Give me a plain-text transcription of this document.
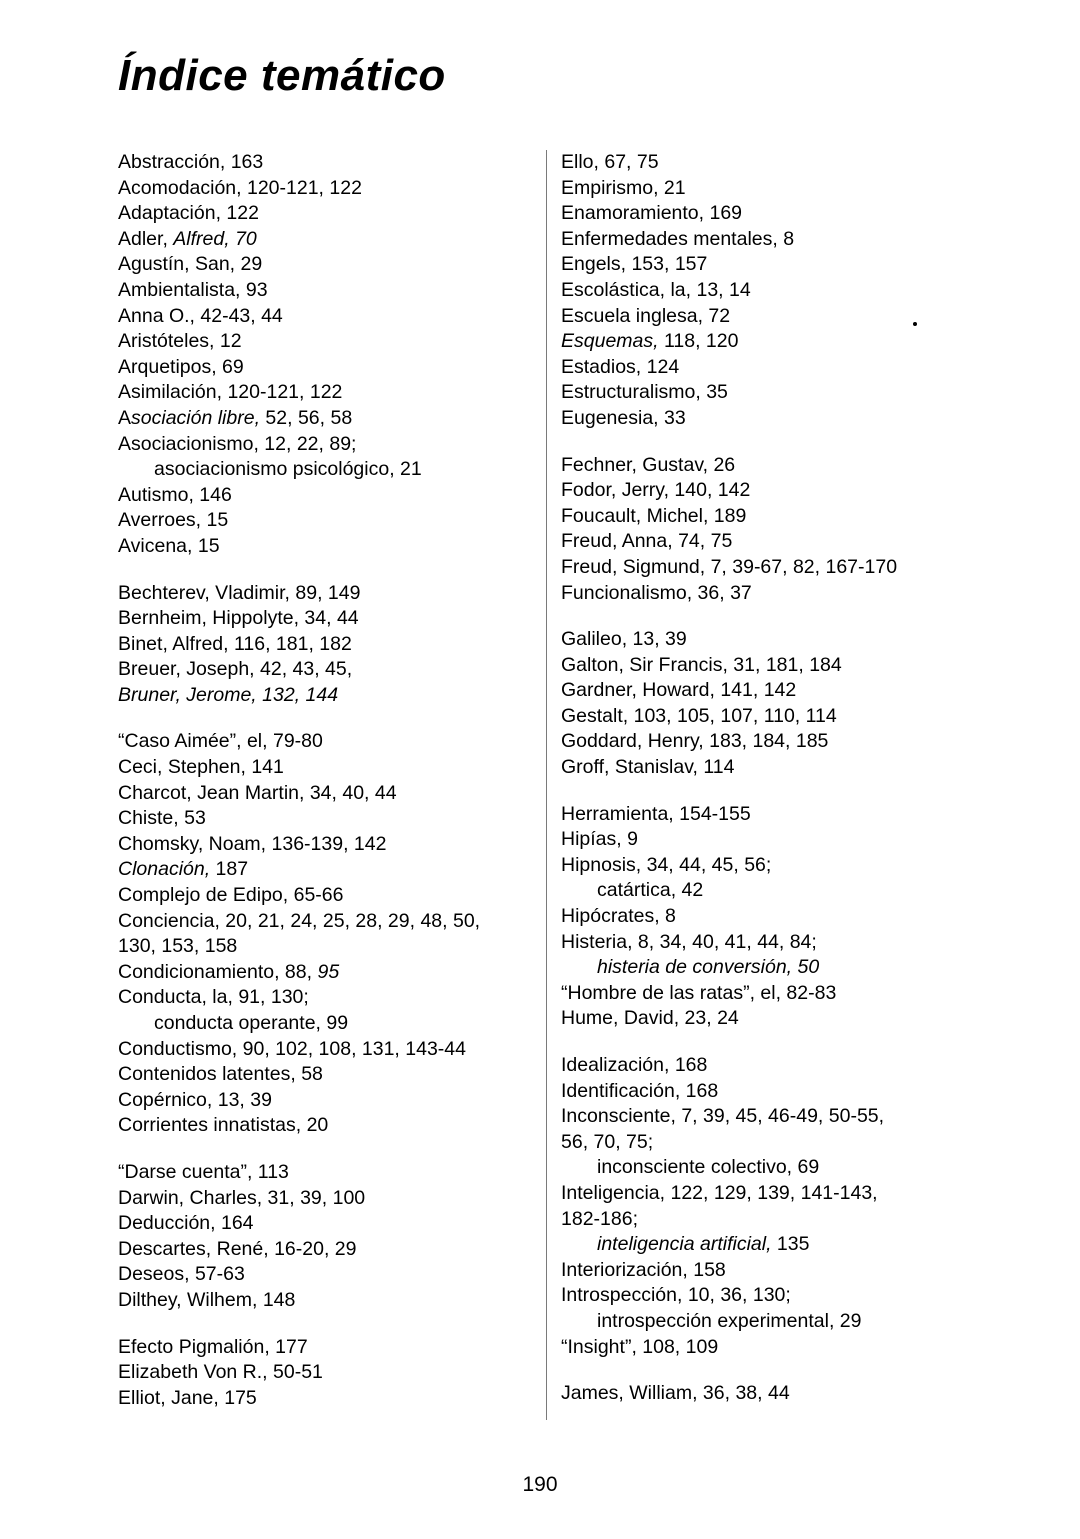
Índice temático
Abstracción, 163
Acomodación, 120-121, 122
Adaptación, 122
Adler, Alfred, 70
Agustín, San, 29
Ambientalista, 93
Anna O., 42-43, 44
Aristóteles, 12
Arquetipos, 69
Asimilación, 120-121, 122
Asociación libre, 52, 56, 58
Asociacionismo, 12, 22, 89;
asociacionismo psicológico, 21
Autismo, 146
Averroes, 15
Avicena, 15
Bechterev, Vladimir, 89, 149
Bernheim, Hippolyte, 34, 44
Binet, Alfred, 116, 181, 182
Breuer, Joseph, 42, 43, 45,
Bruner, Jerome, 132, 144
“Caso Aimée”, el, 79-80
Ceci, Stephen, 141
Charcot, Jean Martin, 34, 40, 44
Chiste, 53
Chomsky, Noam, 136-139, 142
Clonación, 187
Complejo de Edipo, 65-66
Conciencia, 20, 21, 24, 25, 28, 29, 48, 50,
130, 153, 158
Condicionamiento, 88, 95
Conducta, la, 91, 130;
conducta operante, 99
Conductismo, 90, 102, 108, 131, 143-44
Contenidos latentes, 58
Copérnico, 13, 39
Corrientes innatistas, 20
“Darse cuenta”, 113
Darwin, Charles, 31, 39, 100
Deducción, 164
Descartes, René, 16-20, 29
Deseos, 57-63
Dilthey, Wilhem, 148
Efecto Pigmalión, 177
Elizabeth Von R., 50-51
Elliot, Jane, 175
Ello, 67, 75
Empirismo, 21
Enamoramiento, 169
Enfermedades mentales, 8
Engels, 153, 157
Escolástica, la, 13, 14
Escuela inglesa, 72
Esquemas, 118, 120
Estadios, 124
Estructuralismo, 35
Eugenesia, 33
Fechner, Gustav, 26
Fodor, Jerry, 140, 142
Foucault, Michel, 189
Freud, Anna, 74, 75
Freud, Sigmund, 7, 39-67, 82, 167-170
Funcionalismo, 36, 37
Galileo, 13, 39
Galton, Sir Francis, 31, 181, 184
Gardner, Howard, 141, 142
Gestalt, 103, 105, 107, 110, 114
Goddard, Henry, 183, 184, 185
Groff, Stanislav, 114
Herramienta, 154-155
Hipías, 9
Hipnosis, 34, 44, 45, 56;
catártica, 42
Hipócrates, 8
Histeria, 8, 34, 40, 41, 44, 84;
histeria de conversión, 50
“Hombre de las ratas”, el, 82-83
Hume, David, 23, 24
Idealización, 168
Identificación, 168
Inconsciente, 7, 39, 45, 46-49, 50-55,
56, 70, 75;
inconsciente colectivo, 69
Inteligencia, 122, 129, 139, 141-143,
182-186;
inteligencia artificial, 135
Interiorización, 158
Introspección, 10, 36, 130;
introspección experimental, 29
“Insight”, 108, 109
James, William, 36, 38, 44
190
